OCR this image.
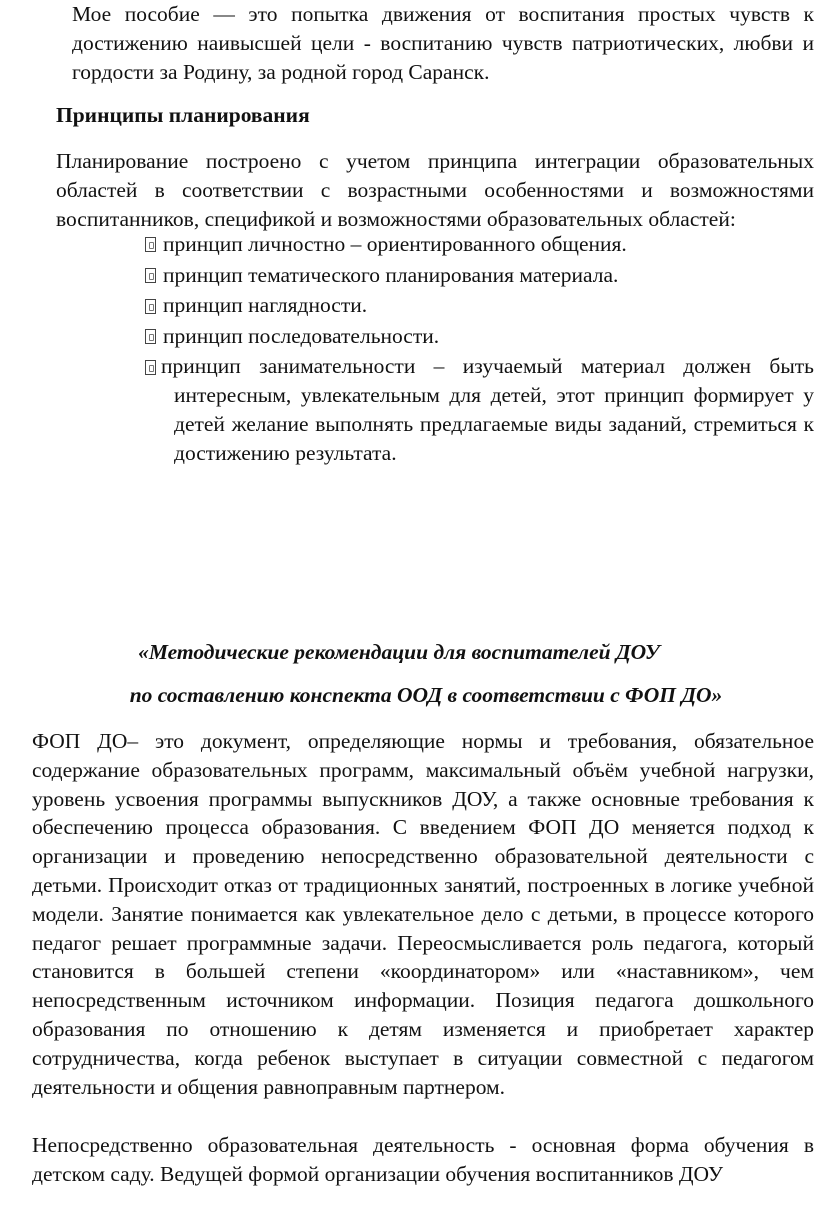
Мое пособие — это попытка движения от воспитания простых чувств к достижению наивысшей цели - воспитанию чувств патриотических, любви и гордости за Родину, за родной город Саранск.
Принципы планирования
Планирование построено с учетом принципа интеграции образовательных областей в соответствии с возрастными особенностями и возможностями воспитанников, спецификой и возможностями образовательных областей:
принцип личностно – ориентированного общения.
принцип тематического планирования материала.
принцип наглядности.
принцип последовательности.
принцип занимательности – изучаемый материал должен быть интересным, увлекательным для детей, этот принцип формирует у детей желание выполнять предлагаемые виды заданий, стремиться к достижению результата.
«Методические рекомендации для воспитателей ДОУ
по составлению конспекта ООД в соответствии с ФОП ДО»
ФОП ДО– это документ, определяющие нормы и требования, обязательное содержание образовательных программ, максимальный объём учебной нагрузки, уровень усвоения программы выпускников ДОУ, а также основные требования к обеспечению процесса образования. С введением ФОП ДО меняется подход к организации и проведению непосредственно образовательной деятельности с детьми. Происходит отказ от традиционных занятий, построенных в логике учебной модели. Занятие понимается как увлекательное дело с детьми, в процессе которого педагог решает программные задачи. Переосмысливается роль педагога, который становится в большей степени «координатором» или «наставником», чем непосредственным источником информации. Позиция педагога дошкольного образования по отношению к детям изменяется и приобретает характер сотрудничества, когда ребенок выступает в ситуации совместной с педагогом деятельности и общения равноправным партнером.
Непосредственно образовательная деятельность - основная форма обучения в детском саду. Ведущей формой организации обучения воспитанников ДОУ
